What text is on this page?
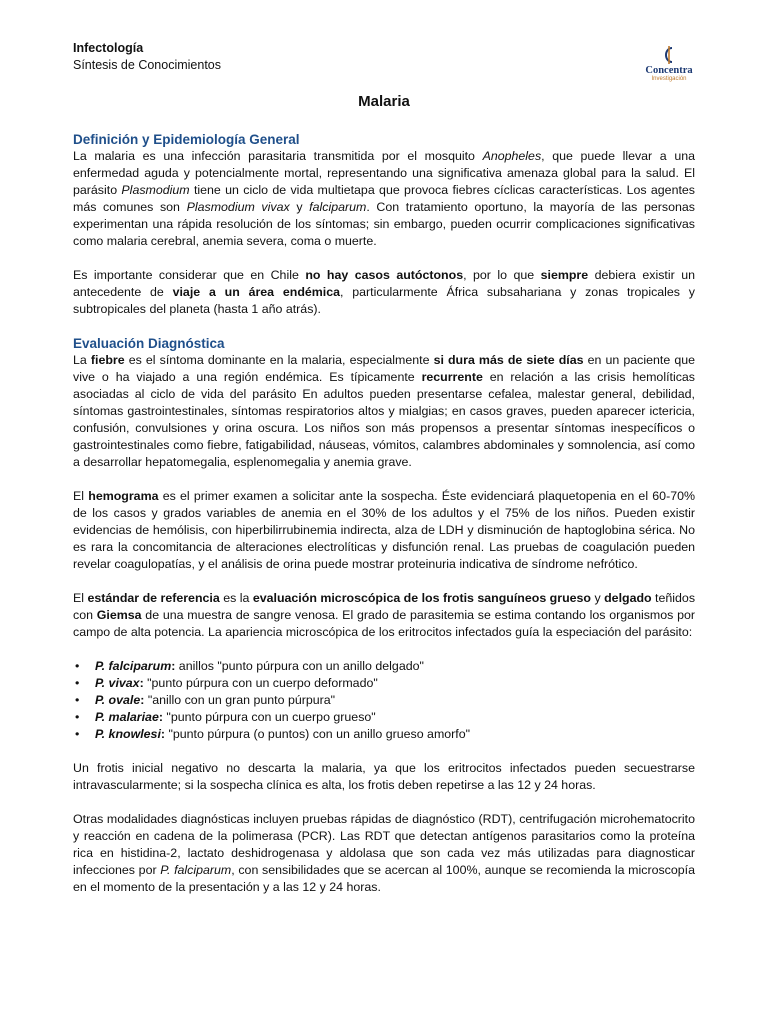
Infectología
Síntesis de Conocimientos	Concentra
Investigación
Malaria
Definición y Epidemiología General

La malaria es una infección parasitaria transmitida por el mosquito Anopheles, que puede llevar a una enfermedad aguda y potencialmente mortal, representando una significativa amenaza global para la salud. El parásito Plasmodium tiene un ciclo de vida multietapa que provoca fiebres cíclicas características. Los agentes más comunes son Plasmodium vivax y falciparum. Con tratamiento oportuno, la mayoría de las personas experimentan una rápida resolución de los síntomas; sin embargo, pueden ocurrir complicaciones significativas como malaria cerebral, anemia severa, coma o muerte.

Es importante considerar que en Chile no hay casos autóctonos, por lo que siempre debiera existir un antecedente de viaje a un área endémica, particularmente África subsahariana y zonas tropicales y subtropicales del planeta (hasta 1 año atrás).

Evaluación Diagnóstica

La fiebre es el síntoma dominante en la malaria, especialmente si dura más de siete días en un paciente que vive o ha viajado a una región endémica. Es típicamente recurrente en relación a las crisis hemolíticas asociadas al ciclo de vida del parásito En adultos pueden presentarse cefalea, malestar general, debilidad, síntomas gastrointestinales, síntomas respiratorios altos y mialgias; en casos graves, pueden aparecer ictericia, confusión, convulsiones y orina oscura. Los niños son más propensos a presentar síntomas inespecíficos o gastrointestinales como fiebre, fatigabilidad, náuseas, vómitos, calambres abdominales y somnolencia, así como a desarrollar hepatomegalia, esplenomegalia y anemia grave.

El hemograma es el primer examen a solicitar ante la sospecha. Éste evidenciará plaquetopenia en el 60-70% de los casos y grados variables de anemia en el 30% de los adultos y el 75% de los niños. Pueden existir evidencias de hemólisis, con hiperbilirrubinemia indirecta, alza de LDH y disminución de haptoglobina sérica. No es rara la concomitancia de alteraciones electrolíticas y disfunción renal. Las pruebas de coagulación pueden revelar coagulopatías, y el análisis de orina puede mostrar proteinuria indicativa de síndrome nefrótico.

El estándar de referencia es la evaluación microscópica de los frotis sanguíneos grueso y delgado teñidos con Giemsa de una muestra de sangre venosa. El grado de parasitemia se estima contando los organismos por campo de alta potencia. La apariencia microscópica de los eritrocitos infectados guía la especiación del parásito:

• P. falciparum: anillos "punto púrpura con un anillo delgado"
• P. vivax: "punto púrpura con un cuerpo deformado"
• P. ovale: "anillo con un gran punto púrpura"
• P. malariae: "punto púrpura con un cuerpo grueso"
• P. knowlesi: "punto púrpura (o puntos) con un anillo grueso amorfo"

Un frotis inicial negativo no descarta la malaria, ya que los eritrocitos infectados pueden secuestrarse intravascularmente; si la sospecha clínica es alta, los frotis deben repetirse a las 12 y 24 horas.

Otras modalidades diagnósticas incluyen pruebas rápidas de diagnóstico (RDT), centrifugación microhematocrito y reacción en cadena de la polimerasa (PCR). Las RDT que detectan antígenos parasitarios como la proteína rica en histidina-2, lactato deshidrogenasa y aldolasa que son cada vez más utilizadas para diagnosticar infecciones por P. falciparum, con sensibilidades que se acercan al 100%, aunque se recomienda la microscopía en el momento de la presentación y a las 12 y 24 horas.
